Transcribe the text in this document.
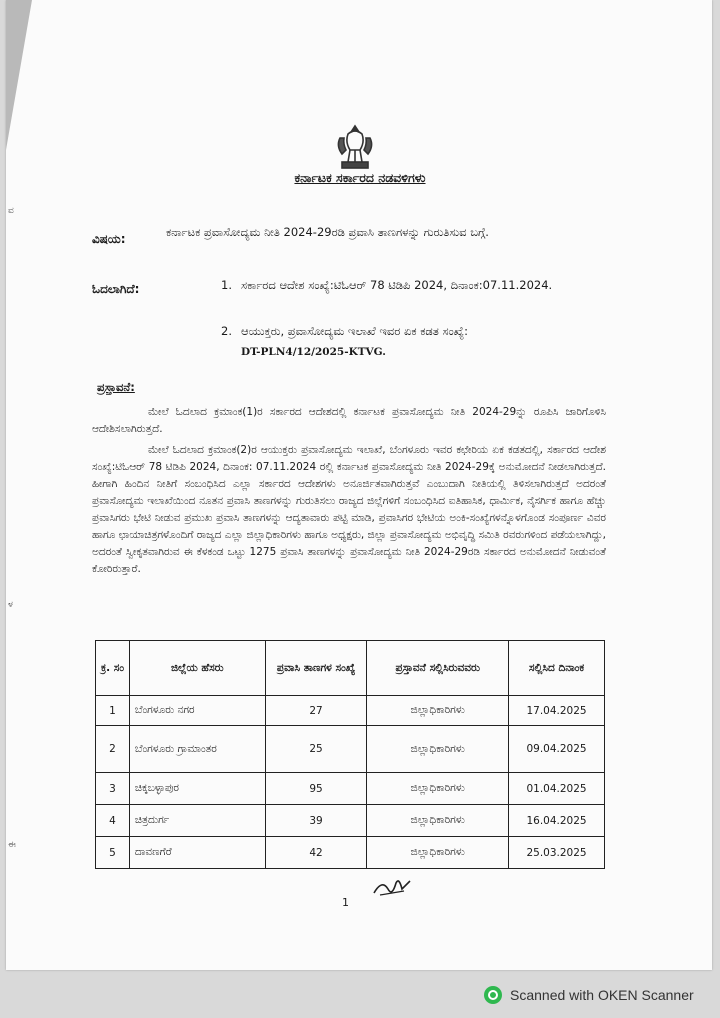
ವ
ಳ
ಈ
ಕರ್ನಾಟಕ ಸರ್ಕಾರದ ನಡವಳಿಗಳು
ವಿಷಯ:	ಕರ್ನಾಟಕ ಪ್ರವಾಸೋದ್ಯಮ ನೀತಿ 2024-29ರಡಿ ಪ್ರವಾಸಿ ತಾಣಗಳನ್ನು ಗುರುತಿಸುವ ಬಗ್ಗೆ.
ಓದಲಾಗಿದೆ:	1. ಸರ್ಕಾರದ ಆದೇಶ ಸಂಖ್ಯೆ:ಟಿಓಆರ್ 78 ಟಿಡಿಪಿ 2024, ದಿನಾಂಕ:07.11.2024.
2. ಆಯುಕ್ತರು, ಪ್ರವಾಸೋದ್ಯಮ ಇಲಾಖೆ ಇವರ ಏಕ ಕಡತ ಸಂಖ್ಯೆ:
DT-PLN4/12/2025-KTVG.
ಪ್ರಸ್ತಾವನೆ:

ಮೇಲೆ ಓದಲಾದ ಕ್ರಮಾಂಕ(1)ರ ಸರ್ಕಾರದ ಆದೇಶದಲ್ಲಿ ಕರ್ನಾಟಕ ಪ್ರವಾಸೋದ್ಯಮ ನೀತಿ 2024-29ನ್ನು ರೂಪಿಸಿ ಜಾರಿಗೊಳಿಸಿ ಆದೇಶಿಸಲಾಗಿರುತ್ತದೆ.

ಮೇಲೆ ಓದಲಾದ ಕ್ರಮಾಂಕ(2)ರ ಆಯುಕ್ತರು ಪ್ರವಾಸೋದ್ಯಮ ಇಲಾಖೆ, ಬೆಂಗಳೂರು ಇವರ ಕಛೇರಿಯ ಏಕ ಕಡತದಲ್ಲಿ, ಸರ್ಕಾರದ ಆದೇಶ ಸಂಖ್ಯೆ:ಟಿಓಆರ್ 78 ಟಿಡಿಪಿ 2024, ದಿನಾಂಕ: 07.11.2024 ರಲ್ಲಿ ಕರ್ನಾಟಕ ಪ್ರವಾಸೋದ್ಯಮ ನೀತಿ 2024-29ಕ್ಕೆ ಅನುಮೋದನೆ ನೀಡಲಾಗಿರುತ್ತದೆ. ಹೀಗಾಗಿ ಹಿಂದಿನ ನೀತಿಗೆ ಸಂಬಂಧಿಸಿದ ಎಲ್ಲಾ ಸರ್ಕಾರದ ಆದೇಶಗಳು ಅನೂರ್ಜಿತವಾಗಿರುತ್ತವೆ ಎಂಬುದಾಗಿ ನೀತಿಯಲ್ಲಿ ತಿಳಿಸಲಾಗಿರುತ್ತದೆ ಅದರಂತೆ ಪ್ರವಾಸೋದ್ಯಮ ಇಲಾಖೆಯಿಂದ ನೂತನ ಪ್ರವಾಸಿ ತಾಣಗಳನ್ನು ಗುರುತಿಸಲು ರಾಜ್ಯದ ಜಿಲ್ಲೆಗಳಿಗೆ ಸಂಬಂಧಿಸಿದ ಐತಿಹಾಸಿಕ, ಧಾರ್ಮಿಕ, ನೈಸರ್ಗಿಕ ಹಾಗೂ ಹೆಚ್ಚು ಪ್ರವಾಸಿಗರು ಭೇಟಿ ನೀಡುವ ಪ್ರಮುಖ ಪ್ರವಾಸಿ ತಾಣಗಳನ್ನು ಆದ್ಯತಾವಾರು ಪಟ್ಟಿ ಮಾಡಿ, ಪ್ರವಾಸಿಗರ ಭೇಟಿಯ ಅಂಕಿ-ಸಂಖ್ಯೆಗಳನ್ನೊಳಗೊಂಡ ಸಂಪೂರ್ಣ ವಿವರ ಹಾಗೂ ಛಾಯಾಚಿತ್ರಗಳೊಂದಿಗೆ ರಾಜ್ಯದ ಎಲ್ಲಾ ಜಿಲ್ಲಾಧಿಕಾರಿಗಳು ಹಾಗೂ ಅಧ್ಯಕ್ಷರು, ಜಿಲ್ಲಾ ಪ್ರವಾಸೋದ್ಯಮ ಅಭಿವೃದ್ಧಿ ಸಮಿತಿ ರವರುಗಳಿಂದ ಪಡೆಯಲಾಗಿದ್ದು, ಅದರಂತೆ ಸ್ವೀಕೃತವಾಗಿರುವ ಈ ಕೆಳಕಂಡ ಒಟ್ಟು 1275 ಪ್ರವಾಸಿ ತಾಣಗಳನ್ನು ಪ್ರವಾಸೋದ್ಯಮ ನೀತಿ 2024-29ರಡಿ ಸರ್ಕಾರದ ಅನುಮೋದನೆ ನೀಡುವಂತೆ ಕೋರಿರುತ್ತಾರೆ.

ಕ್ರ. ಸಂ	ಜಿಲ್ಲೆಯ ಹೆಸರು	ಪ್ರವಾಸಿ ತಾಣಗಳ ಸಂಖ್ಯೆ	ಪ್ರಸ್ತಾವನೆ ಸಲ್ಲಿಸಿರುವವರು	ಸಲ್ಲಿಸಿದ ದಿನಾಂಕ
1	ಬೆಂಗಳೂರು ನಗರ	27	ಜಿಲ್ಲಾಧಿಕಾರಿಗಳು	17.04.2025
2	ಬೆಂಗಳೂರು ಗ್ರಾಮಾಂತರ	25	ಜಿಲ್ಲಾಧಿಕಾರಿಗಳು	09.04.2025
3	ಚಿಕ್ಕಬಳ್ಳಾಪುರ	95	ಜಿಲ್ಲಾಧಿಕಾರಿಗಳು	01.04.2025
4	ಚಿತ್ರದುರ್ಗ	39	ಜಿಲ್ಲಾಧಿಕಾರಿಗಳು	16.04.2025
5	ದಾವಣಗೆರೆ	42	ಜಿಲ್ಲಾಧಿಕಾರಿಗಳು	25.03.2025
1
Scanned with OKEN Scanner
